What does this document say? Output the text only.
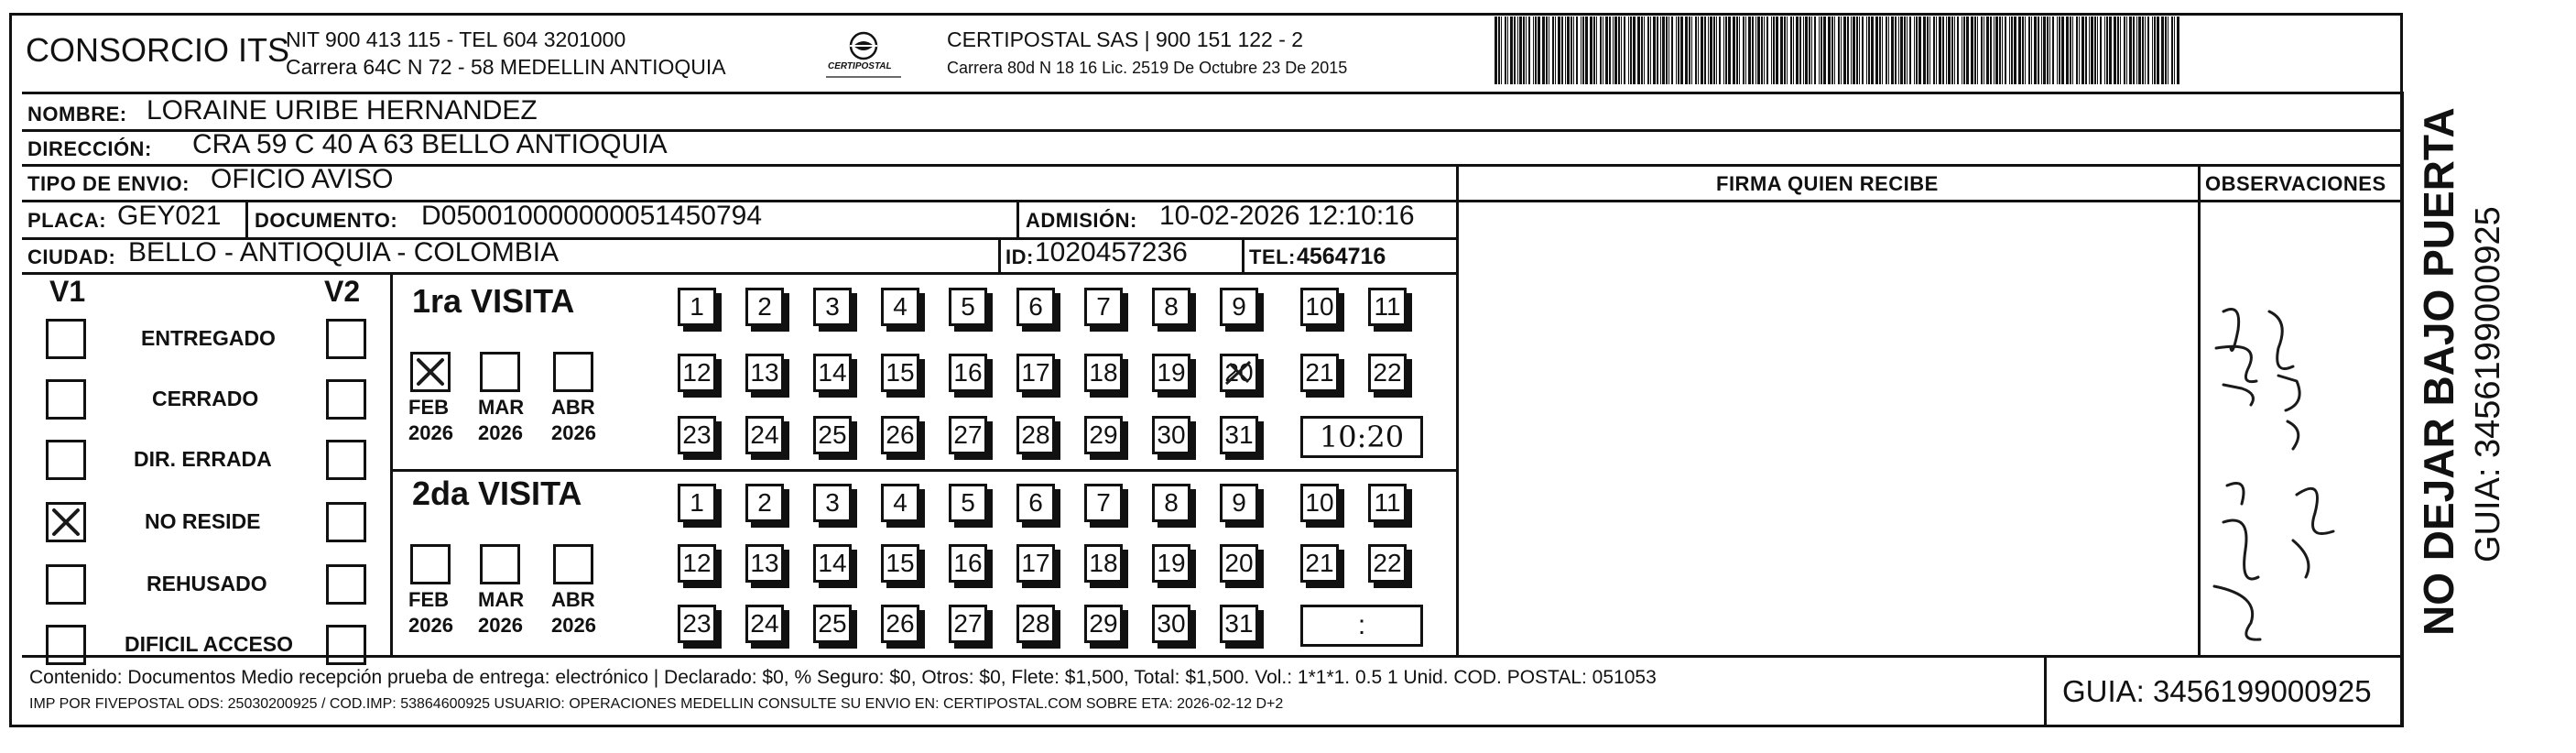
CONSORCIO ITS
NIT 900 413 115 - TEL 604 3201000
Carrera 64C N 72 - 58 MEDELLIN ANTIOQUIA	CERTIPOSTAL
CERTIPOSTAL SAS | 900 151 122 - 2
Carrera 80d N 18 16 Lic. 2519 De Octubre 23 De 2015
NOMBRE: LORAINE URIBE HERNANDEZ
DIRECCIÓN: CRA 59 C 40 A 63 BELLO ANTIOQUIA
TIPO DE ENVIO: OFICIO AVISO
PLACA: GEY021 DOCUMENTO: D050010000000051450794	ADMISIÓN: 10-02-2026 12:10:16
CIUDAD: BELLO - ANTIOQUIA - COLOMBIA	ID: 1020457236	TEL: 4564716
FIRMA QUIEN RECIBE	OBSERVACIONES
V1	V2
ENTREGADO
CERRADO
DIR. ERRADA
NO RESIDE
REHUSADO
DIFICIL ACCESO
1ra VISITA
FEB
2026
MAR
2026
ABR
2026
1	2	3	4	5	6	7	8	9	10 11
12 13 14 15 16 17 18 19 20 21 22
23 24 25 26 27 28 29 30 31	10:20
2da VISITA
FEB
2026
MAR
2026
ABR
2026
1	2	3	4	5	6	7	8	9	10 11
12 13 14 15 16 17 18 19 20 21 22
23 24 25 26 27 28 29 30 31	:
Contenido: Documentos Medio recepción prueba de entrega: electrónico | Declarado: $0, % Seguro: $0, Otros: $0, Flete: $1,500, Total: $1,500. Vol.: 1*1*1. 0.5 1 Unid. COD. POSTAL: 051053
IMP POR FIVEPOSTAL ODS: 25030200925 / COD.IMP: 53864600925 USUARIO: OPERACIONES MEDELLIN CONSULTE SU ENVIO EN: CERTIPOSTAL.COM SOBRE ETA: 2026-02-12 D+2	GUIA: 3456199000925
NO DEJAR BAJO PUERTA GUIA: 3456199000925
